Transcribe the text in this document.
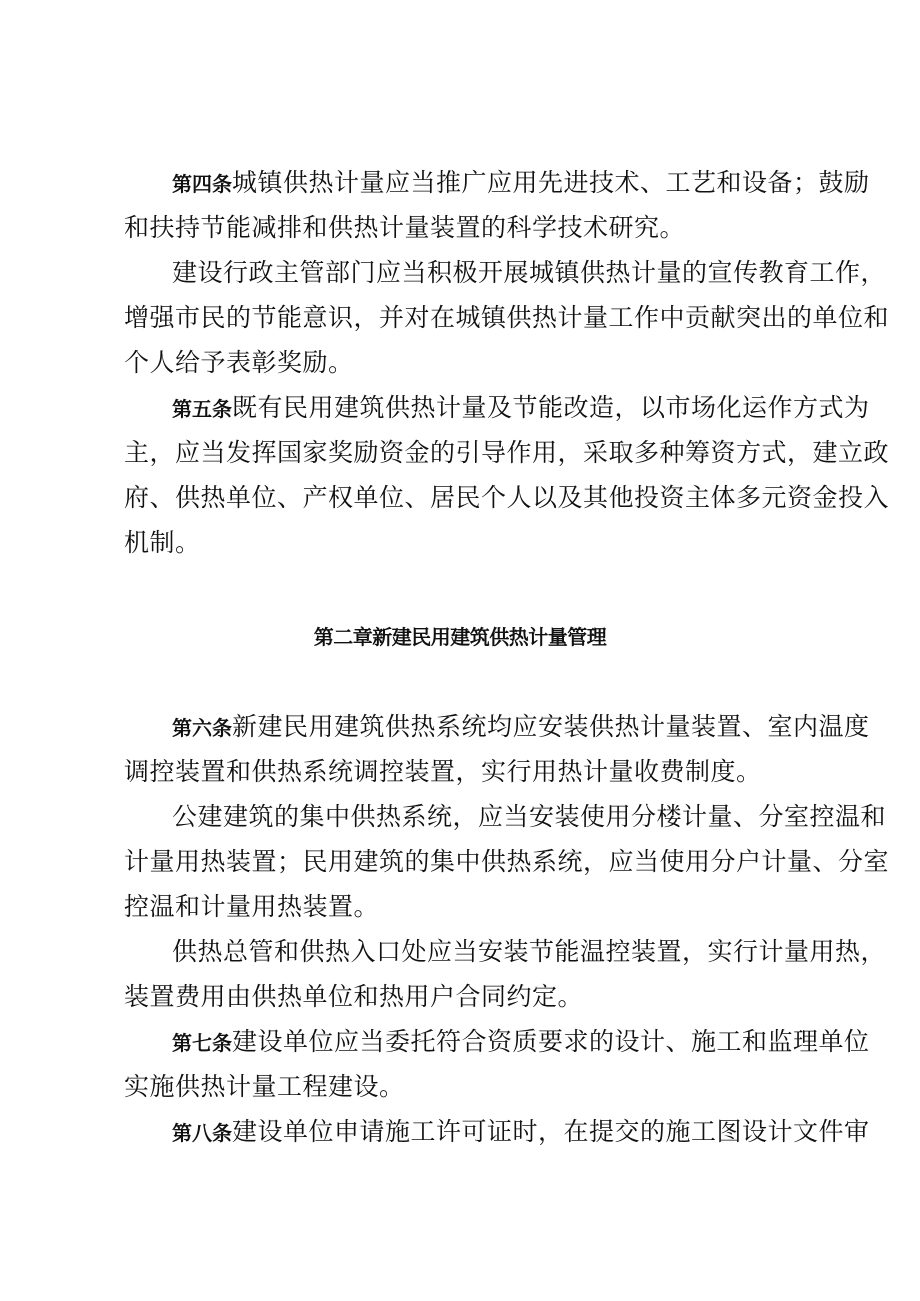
第四条城镇供热计量应当推广应用先进技术、工艺和设备；鼓励
和扶持节能减排和供热计量装置的科学技术研究。
建设行政主管部门应当积极开展城镇供热计量的宣传教育工作，
增强市民的节能意识，并对在城镇供热计量工作中贡献突出的单位和
个人给予表彰奖励。
第五条既有民用建筑供热计量及节能改造，以市场化运作方式为
主，应当发挥国家奖励资金的引导作用，采取多种筹资方式，建立政
府、供热单位、产权单位、居民个人以及其他投资主体多元资金投入
机制。
第二章新建民用建筑供热计量管理
第六条新建民用建筑供热系统均应安装供热计量装置、室内温度
调控装置和供热系统调控装置，实行用热计量收费制度。
公建建筑的集中供热系统，应当安装使用分楼计量、分室控温和
计量用热装置；民用建筑的集中供热系统，应当使用分户计量、分室
控温和计量用热装置。
供热总管和供热入口处应当安装节能温控装置，实行计量用热，
装置费用由供热单位和热用户合同约定。
第七条建设单位应当委托符合资质要求的设计、施工和监理单位
实施供热计量工程建设。
第八条建设单位申请施工许可证时，在提交的施工图设计文件审
